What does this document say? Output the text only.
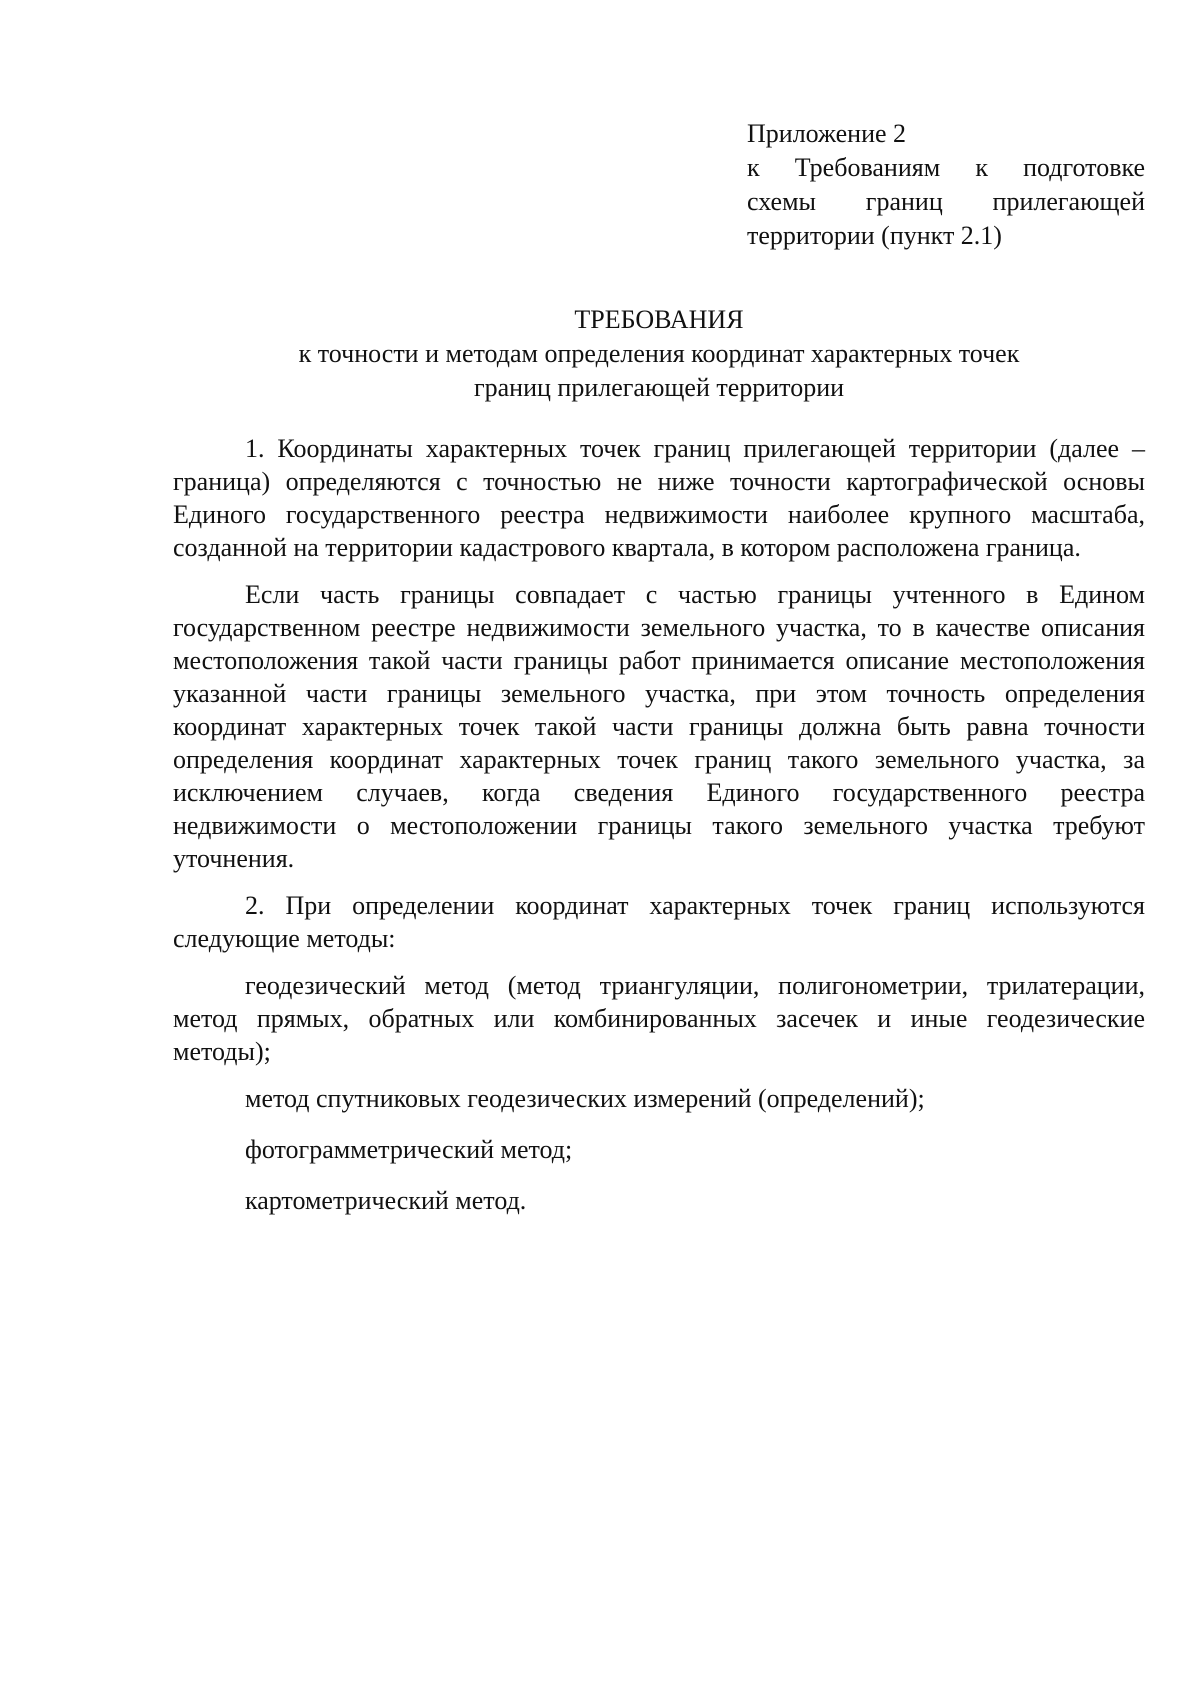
Приложение 2
к Требованиям к подготовке
схемы границ прилегающей
территории (пункт 2.1)
ТРЕБОВАНИЯ
к точности и методам определения координат характерных точек
границ прилегающей территории

1. Координаты характерных точек границ прилегающей территории (далее – граница) определяются с точностью не ниже точности картографической основы Единого государственного реестра недвижимости наиболее крупного масштаба, созданной на территории кадастрового квартала, в котором расположена граница.

Если часть границы совпадает с частью границы учтенного в Едином государственном реестре недвижимости земельного участка, то в качестве описания местоположения такой части границы работ принимается описание местоположения указанной части границы земельного участка, при этом точность определения координат характерных точек такой части границы должна быть равна точности определения координат характерных точек границ такого земельного участка, за исключением случаев, когда сведения Единого государственного реестра недвижимости о местоположении границы такого земельного участка требуют уточнения.

2. При определении координат характерных точек границ используются следующие методы:

геодезический метод (метод триангуляции, полигонометрии, трилатерации, метод прямых, обратных или комбинированных засечек и иные геодезические методы);

метод спутниковых геодезических измерений (определений);

фотограмметрический метод;

картометрический метод.
